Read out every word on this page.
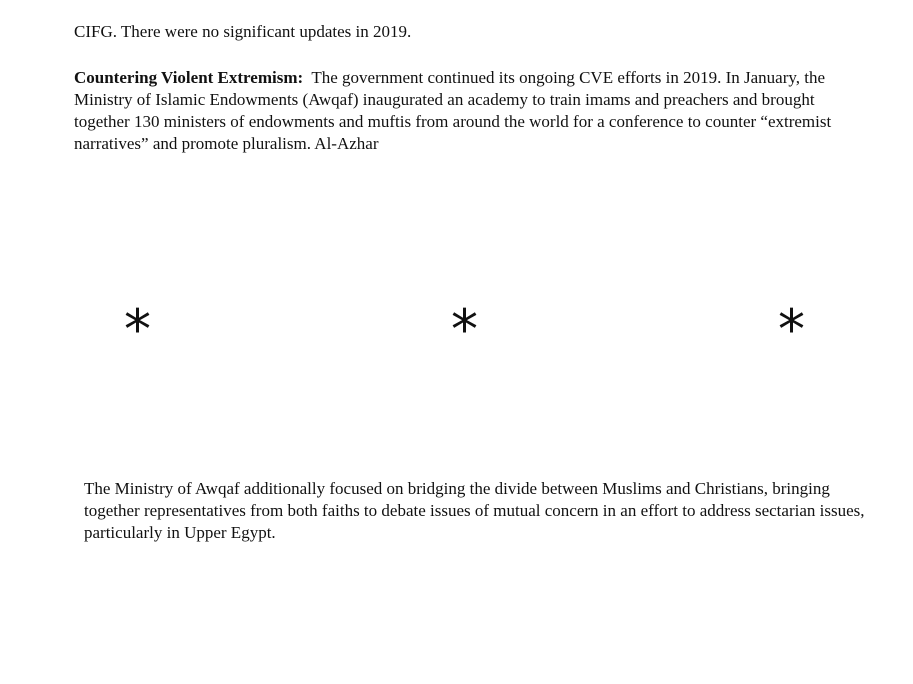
CIFG. There were no significant updates in 2019.

Countering Violent Extremism: The government continued its ongoing CVE efforts in 2019. In January, the Ministry of Islamic Endowments (Awqaf) inaugurated an academy to train imams and preachers and brought together 130 ministers of endowments and muftis from around the world for a conference to counter “extremist narratives” and promote pluralism. Al-Azhar

*	*	*

The Ministry of Awqaf additionally focused on bridging the divide between Muslims and Christians, bringing together representatives from both faiths to debate issues of mutual concern in an effort to address sectarian issues, particularly in Upper Egypt.
